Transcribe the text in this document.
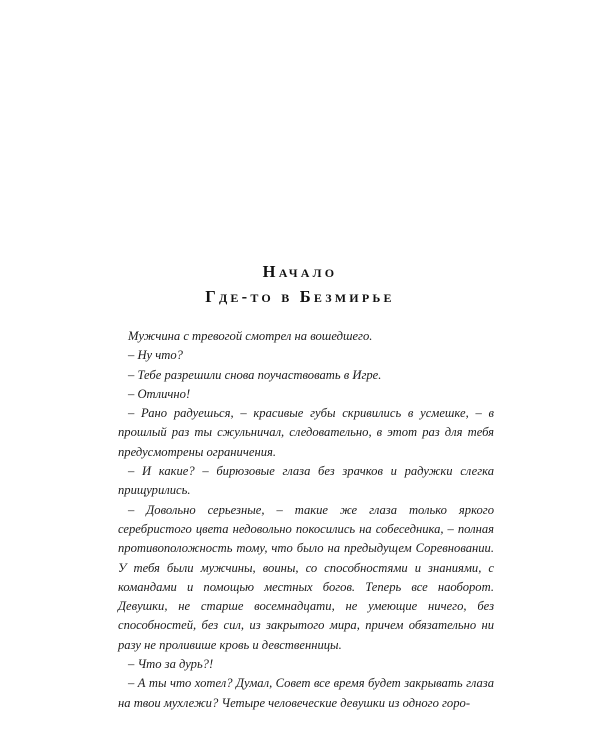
Начало
Где-то в Безмирье

Мужчина с тревогой смотрел на вошедшего.

– Ну что?

– Тебе разрешили снова поучаствовать в Игре.

– Отлично!

– Рано радуешься, – красивые губы скривились в усмешке, – в прошлый раз ты сжульничал, следовательно, в этот раз для тебя предусмотрены ограничения.

– И какие? – бирюзовые глаза без зрачков и радужки слегка прищурились.

– Довольно серьезные, – такие же глаза только яркого серебристого цвета недовольно покосились на собеседника, – полная противоположность тому, что было на предыдущем Соревновании. У тебя были мужчины, воины, со способностями и знаниями, с командами и помощью местных богов. Теперь все наоборот. Девушки, не старше восемнадцати, не умеющие ничего, без способностей, без сил, из закрытого мира, причем обязательно ни разу не проливише кровь и девственницы.

– Что за дурь?!

– А ты что хотел? Думал, Совет все время будет закрывать глаза на твои мухлежи? Четыре человеческие девушки из одного горо-
